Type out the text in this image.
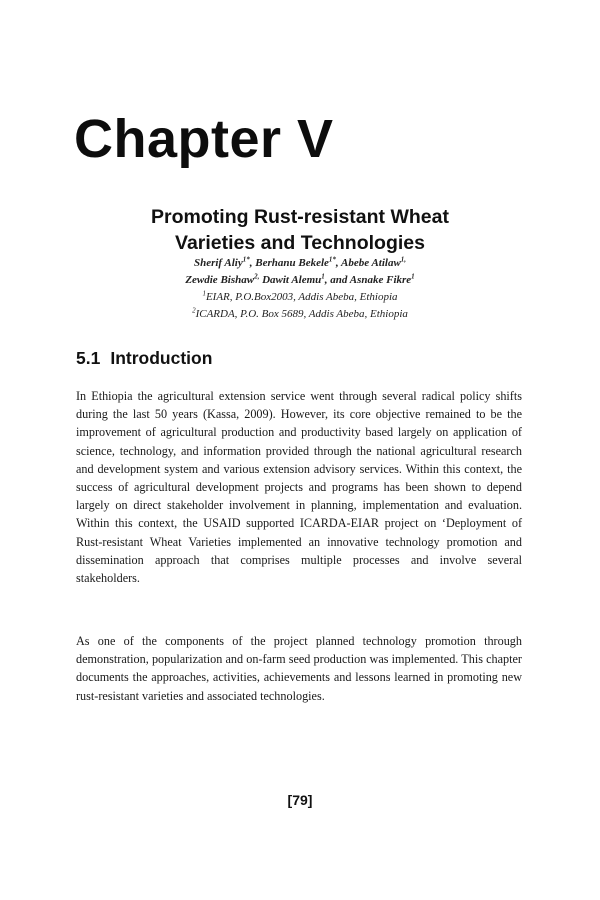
Chapter V
Promoting Rust-resistant Wheat
Varieties and Technologies
Sherif Aliy$^{1*}$, Berhanu Bekele$^{1*}$, Abebe Atilaw$^{1,}$
Zewdie Bishaw$^{2,}$ Dawit Alemu$^1$, and Asnake Fikre$^1$
$^1$EIAR, P.O.Box2003, Addis Abeba, Ethiopia
$^2$ICARDA, P.O. Box 5689, Addis Abeba, Ethiopia
5.1 Introduction

In Ethiopia the agricultural extension service went through several radical policy shifts during the last 50 years (Kassa, 2009). However, its core objective remained to be the improvement of agricultural production and productivity based largely on application of science, technology, and information provided through the national agricultural research and development system and various extension advisory services. Within this context, the success of agricultural development projects and programs has been shown to depend largely on direct stakeholder involvement in planning, implementation and evaluation. Within this context, the USAID supported ICARDA-EIAR project on ‘Deployment of Rust-resistant Wheat Varieties implemented an innovative technology promotion and dissemination approach that comprises multiple processes and involve several stakeholders.

As one of the components of the project planned technology promotion through demonstration, popularization and on-farm seed production was implemented. This chapter documents the approaches, activities, achievements and lessons learned in promoting new rust-resistant varieties and associated technologies.

[79]
